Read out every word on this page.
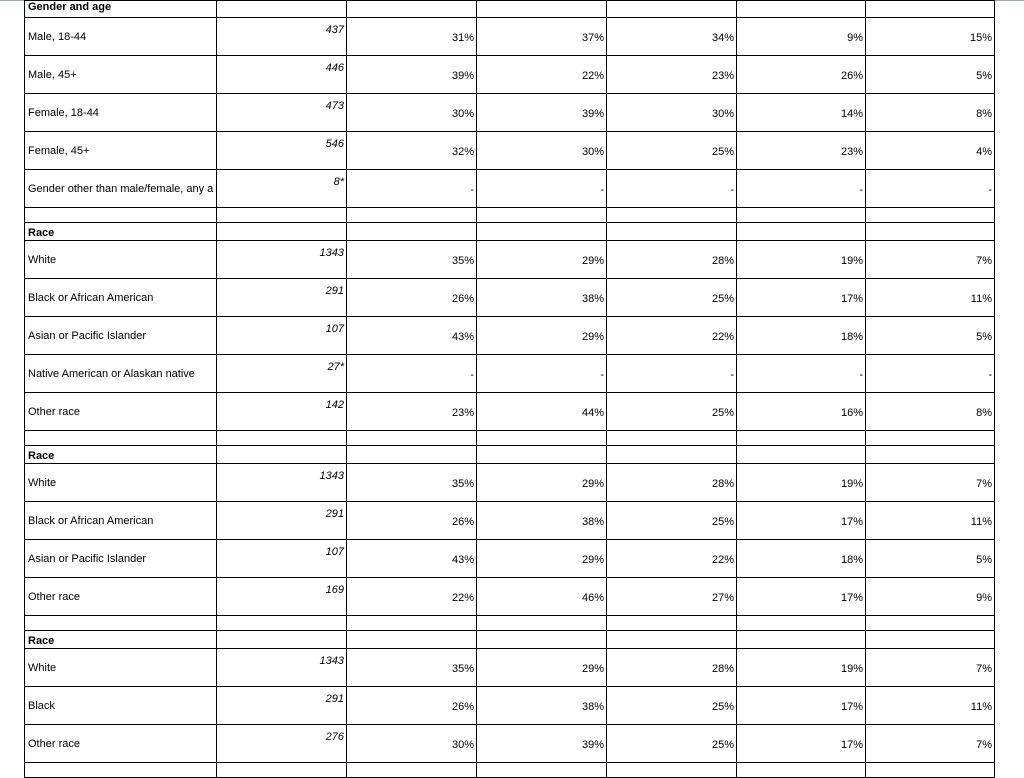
Gender and age						
Male, 18-44	437	31%	37%	34%	9%	15%
Male, 45+	446	39%	22%	23%	26%	5%
Female, 18-44	473	30%	39%	30%	14%	8%
Female, 45+	546	32%	30%	25%	23%	4%
Gender other than male/female, any a	8*	-	-	-	-	-

Race						
White	1343	35%	29%	28%	19%	7%
Black or African American	291	26%	38%	25%	17%	11%
Asian or Pacific Islander	107	43%	29%	22%	18%	5%
Native American or Alaskan native	27*	-	-	-	-	-
Other race	142	23%	44%	25%	16%	8%

Race						
White	1343	35%	29%	28%	19%	7%
Black or African American	291	26%	38%	25%	17%	11%
Asian or Pacific Islander	107	43%	29%	22%	18%	5%
Other race	169	22%	46%	27%	17%	9%

Race						
White	1343	35%	29%	28%	19%	7%
Black	291	26%	38%	25%	17%	11%
Other race	276	30%	39%	25%	17%	7%
